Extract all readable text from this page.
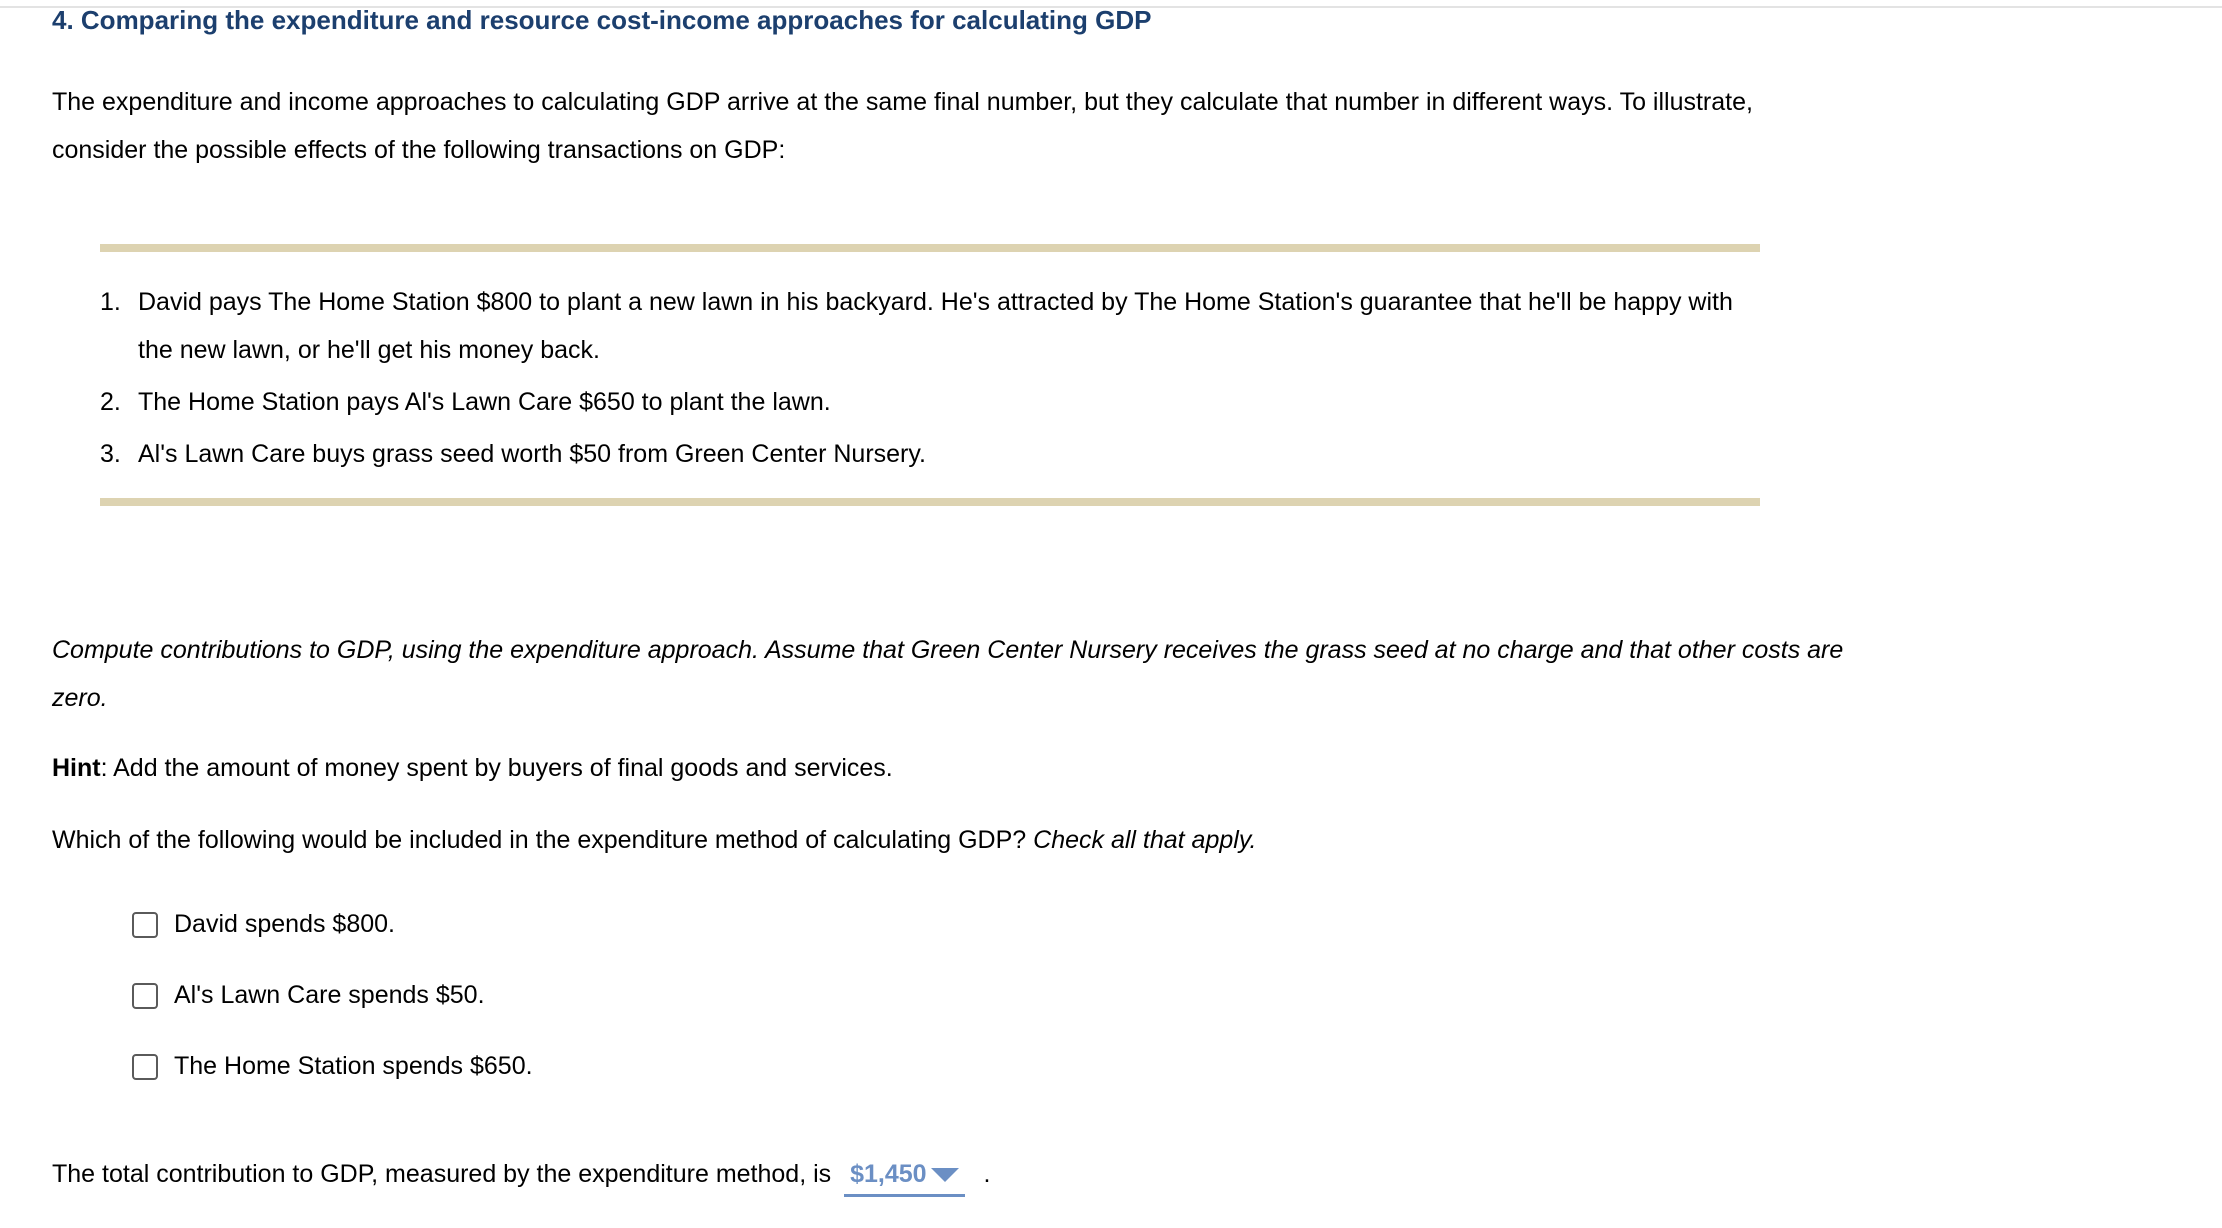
4. Comparing the expenditure and resource cost-income approaches for calculating GDP
The expenditure and income approaches to calculating GDP arrive at the same final number, but they calculate that number in different ways. To illustrate, consider the possible effects of the following transactions on GDP:
1. David pays The Home Station $800 to plant a new lawn in his backyard. He's attracted by The Home Station's guarantee that he'll be happy with the new lawn, or he'll get his money back.
2. The Home Station pays Al's Lawn Care $650 to plant the lawn.
3. Al's Lawn Care buys grass seed worth $50 from Green Center Nursery.
Compute contributions to GDP, using the expenditure approach. Assume that Green Center Nursery receives the grass seed at no charge and that other costs are zero.
Hint: Add the amount of money spent by buyers of final goods and services.
Which of the following would be included in the expenditure method of calculating GDP? Check all that apply.
David spends $800.
Al's Lawn Care spends $50.
The Home Station spends $650.
The total contribution to GDP, measured by the expenditure method, is $1,450 .
